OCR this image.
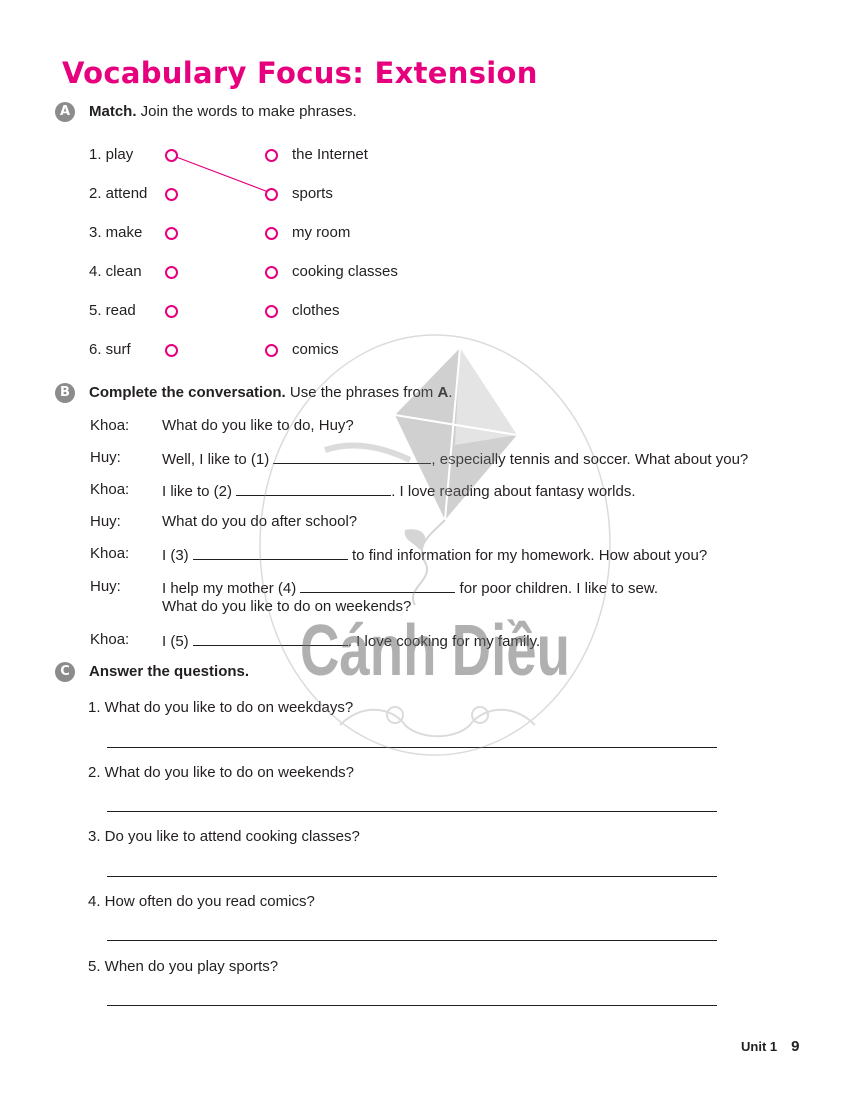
Vocabulary Focus: Extension
A	Match. Join the words to make phrases.
1. play
2. attend
3. make
4. clean
5. read
6. surf
the Internet
sports
my room
cooking classes
clothes
comics
B	Complete the conversation. Use the phrases from A.
Khoa: What do you like to do, Huy?
Huy:	Well, I like to (1)	, especially tennis and soccer. What about you?
Khoa: I like to (2)	. I love reading about fantasy worlds.
Huy:	What do you do after school?
Khoa: I (3)	to find information for my homework. How about you?
Huy:	I help my mother (4)	for poor children. I like to sew.
What do you like to do on weekends?
Khoa: I (5)	. I love cooking for my family.
C	Answer the questions.
1. What do you like to do on weekdays?
2. What do you like to do on weekends?
3. Do you like to attend cooking classes?
4. How often do you read comics?
5. When do you play sports?
Unit 1 9
Cánh Diều
